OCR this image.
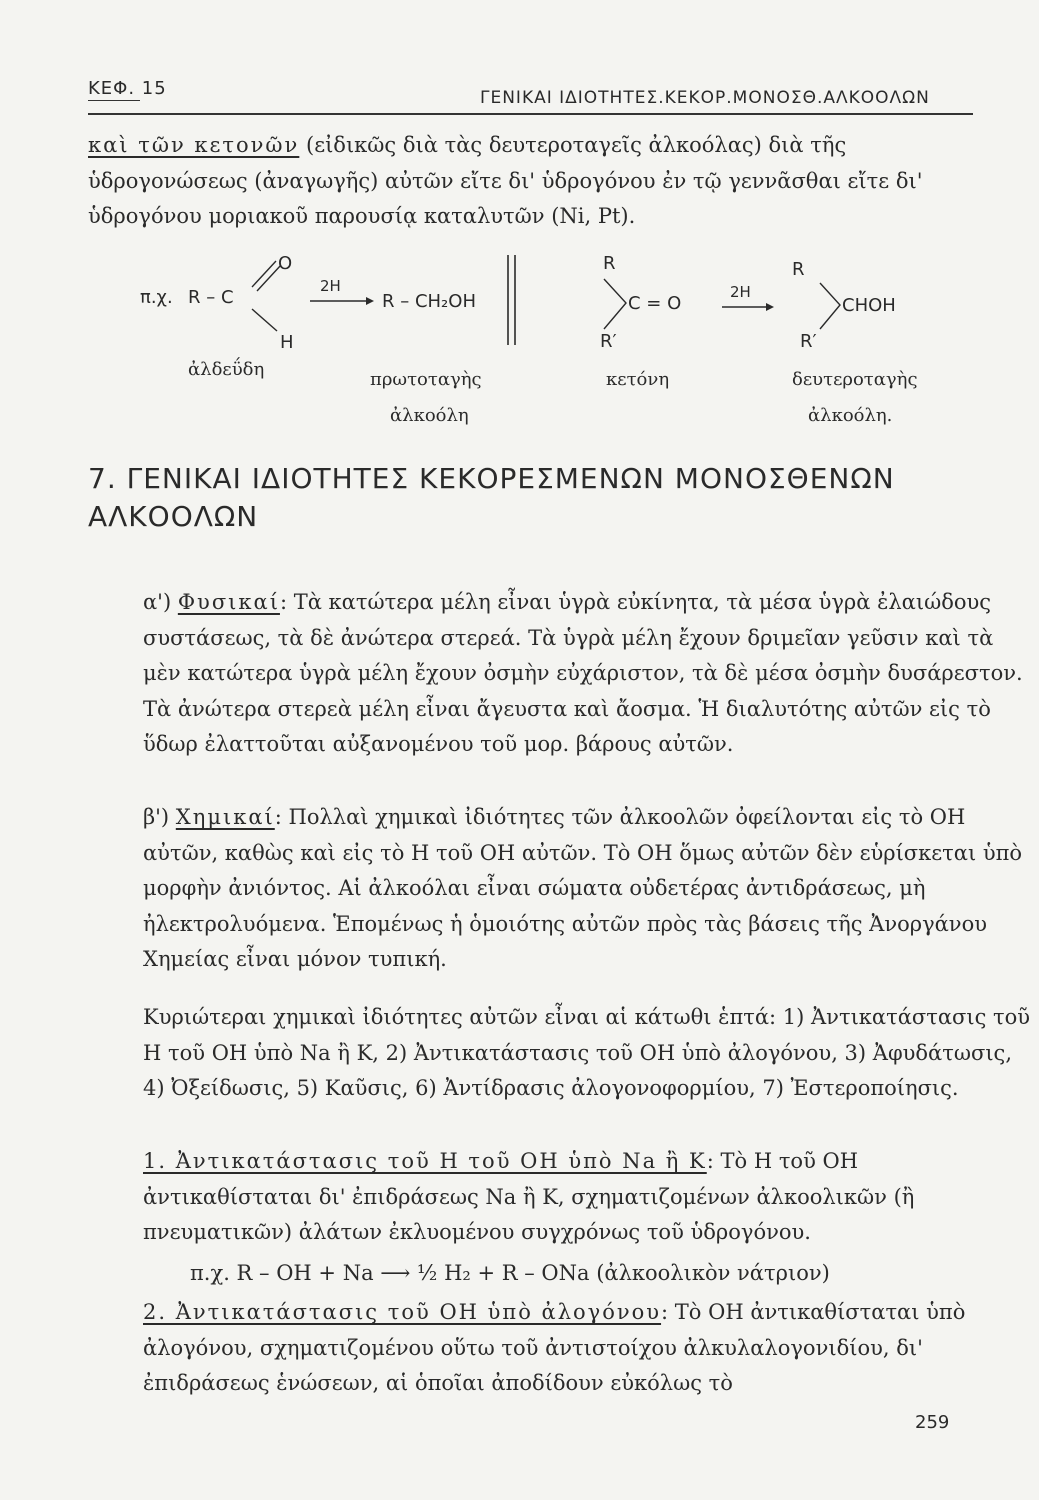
ΚΕΦ. 15	ΓΕΝΙΚΑΙ ΙΔΙΟΤΗΤΕΣ.ΚΕΚΟΡ.ΜΟΝΟΣΘ.ΑΛΚΟΟΛΩΝ
καὶ τῶν κετονῶν (εἰδικῶς διὰ τὰς δευτεροταγεῖς ἀλκοόλας) διὰ τῆς ὑδρογονώσεως (ἀναγωγῆς) αὐτῶν εἴτε δι' ὑδρογόνου ἐν τῷ γεννᾶσθαι εἴτε δι' ὑδρογόνου μοριακοῦ παρουσίᾳ καταλυτῶν (Ni, Pt).
π.χ. R – C
O
H
2H
R – CH₂OH
R
R′
C = O
2H
R
R′
CHOH
ἀλδεΰδη	πρωτοταγὴς
ἀλκοόλη
κετόνη	δευτεροταγὴς
ἀλκοόλη.
7. ΓΕΝΙΚΑΙ ΙΔΙΟΤΗΤΕΣ ΚΕΚΟΡΕΣΜΕΝΩΝ ΜΟΝΟΣΘΕΝΩΝ ΑΛΚΟΟΛΩΝ
α') Φυσικαί: Τὰ κατώτερα μέλη εἶναι ὑγρὰ εὐκίνητα, τὰ μέσα ὑγρὰ ἐλαιώδους συστάσεως, τὰ δὲ ἀνώτερα στερεά. Τὰ ὑγρὰ μέλη ἔχουν δριμεῖαν γεῦσιν καὶ τὰ μὲν κατώτερα ὑγρὰ μέλη ἔχουν ὀσμὴν εὐχάριστον, τὰ δὲ μέσα ὀσμὴν δυσάρεστον. Τὰ ἀνώτερα στερεὰ μέλη εἶναι ἄγευστα καὶ ἄοσμα. Ἡ διαλυτότης αὐτῶν εἰς τὸ ὕδωρ ἐλαττοῦται αὐξανομένου τοῦ μορ. βάρους αὐτῶν.
β') Χημικαί: Πολλαὶ χημικαὶ ἰδιότητες τῶν ἀλκοολῶν ὀφείλονται εἰς τὸ OH αὐτῶν, καθὼς καὶ εἰς τὸ H τοῦ OH αὐτῶν. Τὸ OH ὅμως αὐτῶν δὲν εὑρίσκεται ὑπὸ μορφὴν ἀνιόντος. Αἱ ἀλκοόλαι εἶναι σώματα οὐδετέρας ἀντιδράσεως, μὴ ἠλεκτρολυόμενα. Ἑπομένως ἡ ὁμοιότης αὐτῶν πρὸς τὰς βάσεις τῆς Ἀνοργάνου Χημείας εἶναι μόνον τυπική.
Κυριώτεραι χημικαὶ ἰδιότητες αὐτῶν εἶναι αἱ κάτωθι ἑπτά: 1) Ἀντικατάστασις τοῦ H τοῦ OH ὑπὸ Na ἢ K, 2) Ἀντικατάστασις τοῦ OH ὑπὸ ἀλογόνου, 3) Ἀφυδάτωσις, 4) Ὀξείδωσις, 5) Καῦσις, 6) Ἀντίδρασις ἀλογονοφορμίου, 7) Ἐστεροποίησις.
1. Ἀντικατάστασις τοῦ H τοῦ OH ὑπὸ Na ἢ K: Τὸ H τοῦ OH ἀντικαθίσταται δι' ἐπιδράσεως Na ἢ K, σχηματιζομένων ἀλκοολικῶν (ἢ πνευματικῶν) ἀλάτων ἐκλυομένου συγχρόνως τοῦ ὑδρογόνου.
π.χ. R – OH + Na ⟶ ½ H₂ + R – ONa (ἀλκοολικὸν νάτριον)
2. Ἀντικατάστασις τοῦ OH ὑπὸ ἀλογόνου: Τὸ OH ἀντικαθίσταται ὑπὸ ἀλογόνου, σχηματιζομένου οὕτω τοῦ ἀντιστοίχου ἀλκυλαλογονιδίου, δι' ἐπιδράσεως ἑνώσεων, αἱ ὁποῖαι ἀποδίδουν εὐκόλως τὸ
259
